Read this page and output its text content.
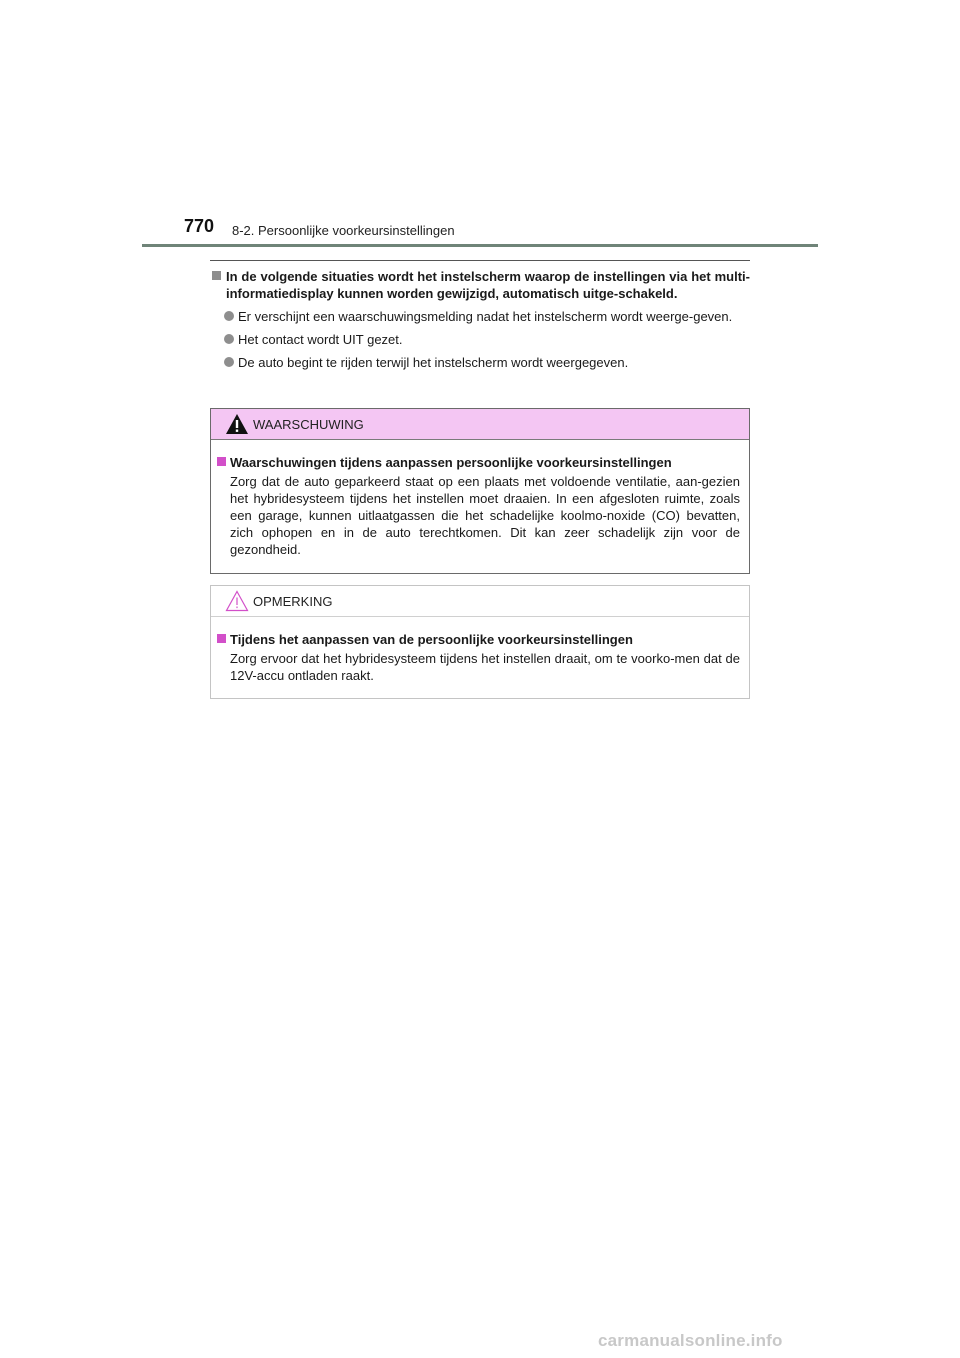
770 8-2. Persoonlijke voorkeursinstellingen

In de volgende situaties wordt het instelscherm waarop de instellingen via het multi-informatiedisplay kunnen worden gewijzigd, automatisch uitge-schakeld.

Er verschijnt een waarschuwingsmelding nadat het instelscherm wordt weerge-geven.

Het contact wordt UIT gezet.

De auto begint te rijden terwijl het instelscherm wordt weergegeven.

WAARSCHUWING

Waarschuwingen tijdens aanpassen persoonlijke voorkeursinstellingen

Zorg dat de auto geparkeerd staat op een plaats met voldoende ventilatie, aan-gezien het hybridesysteem tijdens het instellen moet draaien. In een afgesloten ruimte, zoals een garage, kunnen uitlaatgassen die het schadelijke koolmo-noxide (CO) bevatten, zich ophopen en in de auto terechtkomen. Dit kan zeer schadelijk zijn voor de gezondheid.

OPMERKING

Tijdens het aanpassen van de persoonlijke voorkeursinstellingen

Zorg ervoor dat het hybridesysteem tijdens het instellen draait, om te voorko-men dat de 12V-accu ontladen raakt.

carmanualsonline.info
